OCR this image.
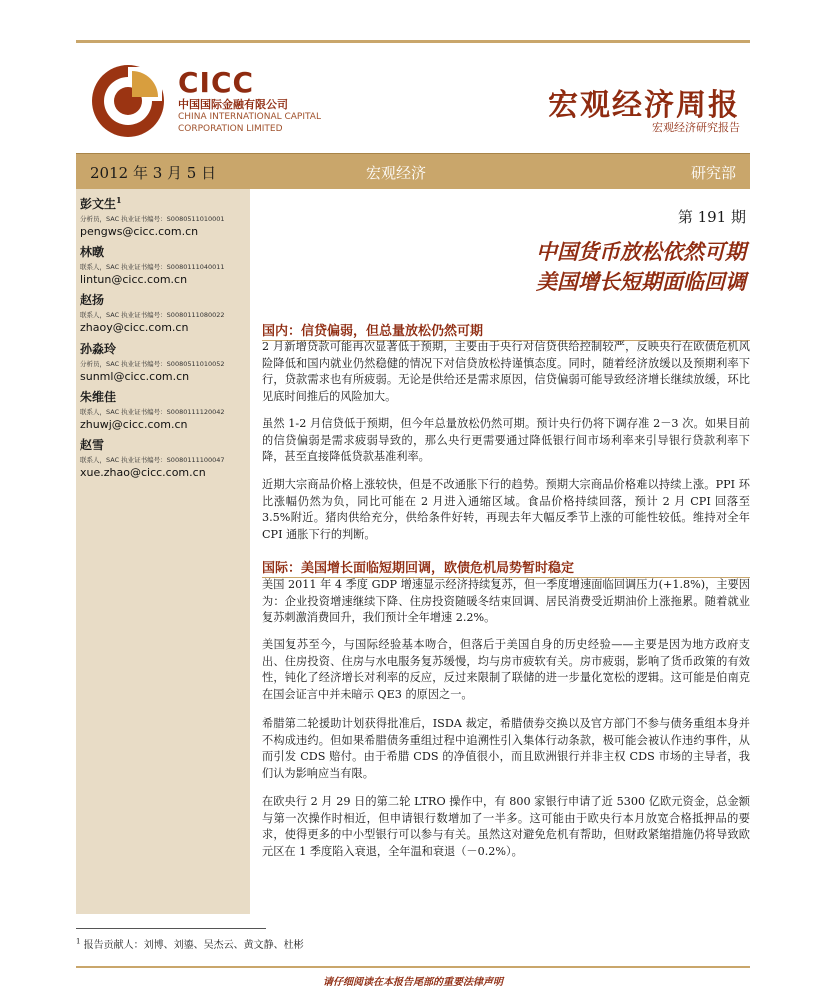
CICC
中国国际金融有限公司
CHINA INTERNATIONAL CAPITAL
CORPORATION LIMITED
宏观经济周报
宏观经济研究报告
2012 年 3 月 5 日	宏观经济	研究部
彭文生$^1$
分析员，SAC 执业证书编号：S0080511010001
pengws@cicc.com.cn
林暾
联系人，SAC 执业证书编号：S0080111040011
lintun@cicc.com.cn
赵扬
联系人，SAC 执业证书编号：S0080111080022
zhaoy@cicc.com.cn
孙淼玲
分析员，SAC 执业证书编号：S0080511010052
sunml@cicc.com.cn
朱维佳
联系人，SAC 执业证书编号：S0080111120042
zhuwj@cicc.com.cn
赵雪
联系人，SAC 执业证书编号：S0080111100047
xue.zhao@cicc.com.cn
第 191 期
中国货币放松依然可期
美国增长短期面临回调
国内：信贷偏弱，但总量放松仍然可期

2 月新增贷款可能再次显著低于预期，主要由于央行对信贷供给控制较严，反映央行在欧债危机风险降低和国内就业仍然稳健的情况下对信贷放松持谨慎态度。同时，随着经济放缓以及预期利率下行，贷款需求也有所疲弱。无论是供给还是需求原因，信贷偏弱可能导致经济增长继续放缓，环比见底时间推后的风险加大。

虽然 1-2 月信贷低于预期，但今年总量放松仍然可期。预计央行仍将下调存准 2－3 次。如果目前的信贷偏弱是需求疲弱导致的，那么央行更需要通过降低银行间市场利率来引导银行贷款利率下降，甚至直接降低贷款基准利率。

近期大宗商品价格上涨较快，但是不改通胀下行的趋势。预期大宗商品价格难以持续上涨。PPI 环比涨幅仍然为负，同比可能在 2 月进入通缩区域。食品价格持续回落，预计 2 月 CPI 回落至 3.5%附近。猪肉供给充分，供给条件好转，再现去年大幅反季节上涨的可能性较低。维持对全年 CPI 通胀下行的判断。

国际：美国增长面临短期回调，欧债危机局势暂时稳定

美国 2011 年 4 季度 GDP 增速显示经济持续复苏，但一季度增速面临回调压力(+1.8%)，主要因为：企业投资增速继续下降、住房投资随暖冬结束回调、居民消费受近期油价上涨拖累。随着就业复苏刺激消费回升，我们预计全年增速 2.2%。

美国复苏至今，与国际经验基本吻合，但落后于美国自身的历史经验——主要是因为地方政府支出、住房投资、住房与水电服务复苏缓慢，均与房市疲软有关。房市疲弱，影响了货币政策的有效性，钝化了经济增长对利率的反应，反过来限制了联储的进一步量化宽松的逻辑。这可能是伯南克在国会证言中并未暗示 QE3 的原因之一。

希腊第二轮援助计划获得批准后，ISDA 裁定，希腊债券交换以及官方部门不参与债务重组本身并不构成违约。但如果希腊债务重组过程中追溯性引入集体行动条款，极可能会被认作违约事件，从而引发 CDS 赔付。由于希腊 CDS 的净值很小，而且欧洲银行并非主权 CDS 市场的主导者，我们认为影响应当有限。

在欧央行 2 月 29 日的第二轮 LTRO 操作中，有 800 家银行申请了近 5300 亿欧元资金，总金额与第一次操作时相近，但申请银行数增加了一半多。这可能由于欧央行本月放宽合格抵押品的要求，使得更多的中小型银行可以参与有关。虽然这对避免危机有帮助，但财政紧缩措施仍将导致欧元区在 1 季度陷入衰退，全年温和衰退（－0.2%）。

$^1$ 报告贡献人：刘博、刘鎏、吴杰云、黄文静、杜彬
请仔细阅读在本报告尾部的重要法律声明
